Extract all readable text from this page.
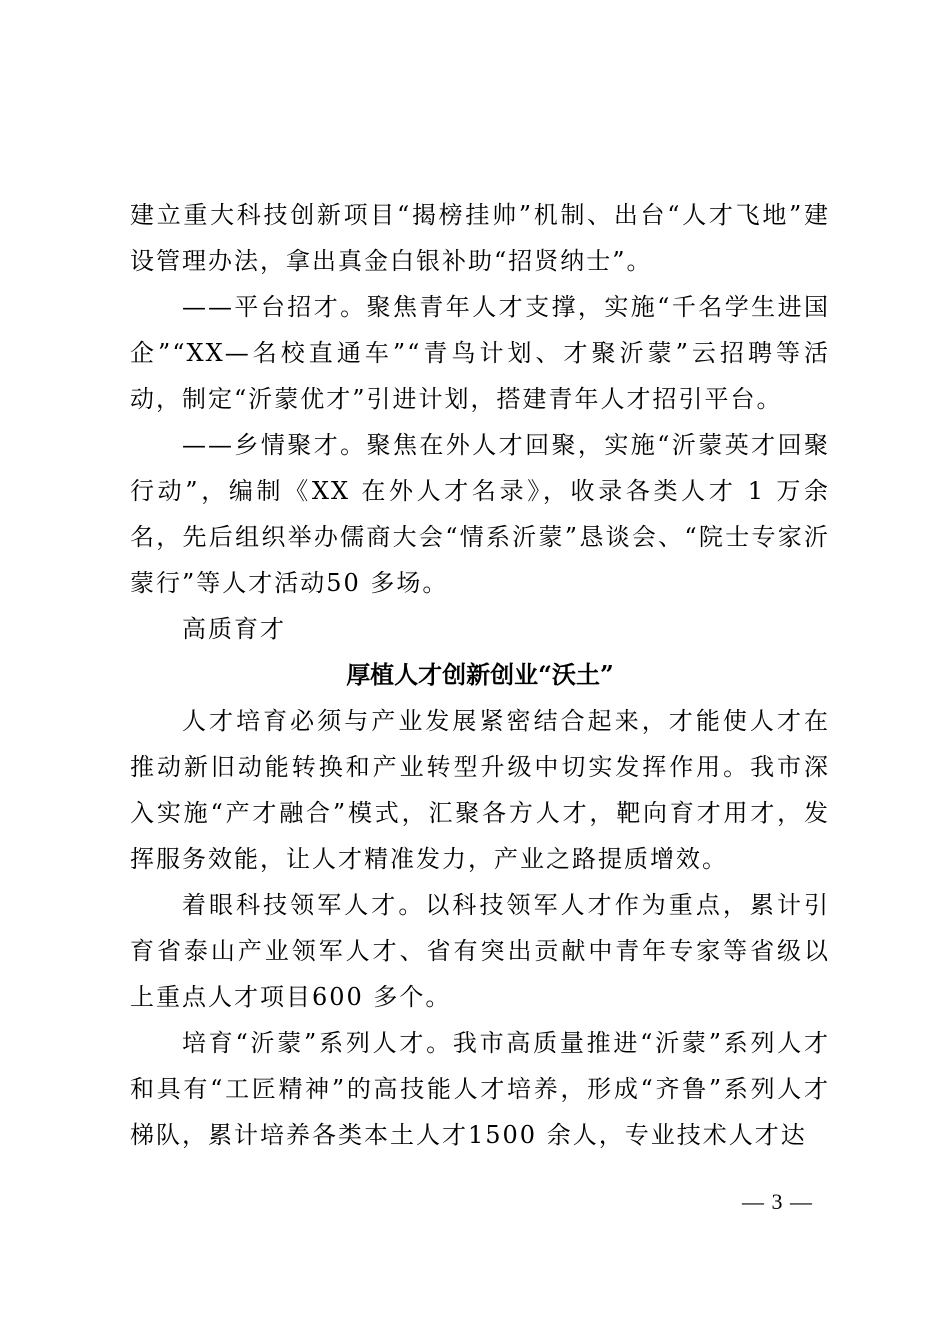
建立重大科技创新项目“揭榜挂帅”机制、出台“人才飞地”建设管理办法，拿出真金白银补助“招贤纳士”。

——平台招才。聚焦青年人才支撑，实施“千名学生进国企”“XX—名校直通车”“青鸟计划、才聚沂蒙”云招聘等活动，制定“沂蒙优才”引进计划，搭建青年人才招引平台。

——乡情聚才。聚焦在外人才回聚，实施“沂蒙英才回聚行动”，编制《XX 在外人才名录》，收录各类人才 1 万余名，先后组织举办儒商大会“情系沂蒙”恳谈会、“院士专家沂蒙行”等人才活动50 多场。

高质育才

厚植人才创新创业“沃土”

人才培育必须与产业发展紧密结合起来，才能使人才在推动新旧动能转换和产业转型升级中切实发挥作用。我市深入实施“产才融合”模式，汇聚各方人才，靶向育才用才，发挥服务效能，让人才精准发力，产业之路提质增效。

着眼科技领军人才。以科技领军人才作为重点，累计引育省泰山产业领军人才、省有突出贡献中青年专家等省级以上重点人才项目600 多个。

培育“沂蒙”系列人才。我市高质量推进“沂蒙”系列人才和具有“工匠精神”的高技能人才培养，形成“齐鲁”系列人才梯队，累计培养各类本土人才1500 余人，专业技术人才达

— 3 —
